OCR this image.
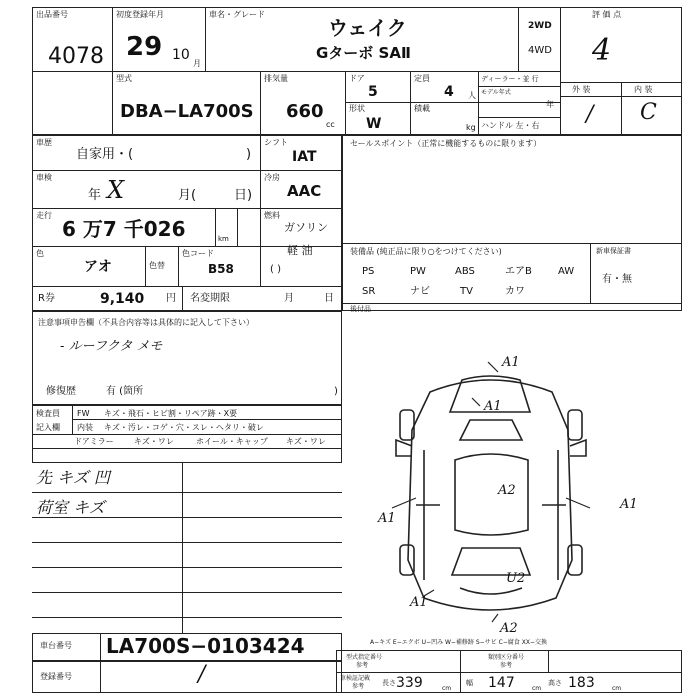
出品番号
4078
初度登録年月
29 10
月
車名・グレード
ウェイク
Gターボ SAⅡ
2WD
4WD
評 価 点
4
型式
DBA−LA700S
排気量
660
cc
ドア
5
定員
4 人
形状
W
積載
kg
ディーラー・並 行
モデル年式
年
ハンドル 左・右
外 装	内 装
/ C
車歴
自家用・(	)
シフト
IAT
車検
年 X	月(	日)
冷房
AAC
走行
6 万7 千026	km
燃料
ガソリン
軽 油
( )
色
アオ	色替
色コード
B58
R券	9,140 円 名変期限	月	日
セールスポイント（正常に機能するものに限ります）
装備品 (純正品に限り○をつけてください)	新車保証書
有・無
PS	PW	ABS	エアB	AW
SR	ナビ	TV	カワ
後付品
注意事項申告欄（不具合内容等は具体的に記入して下さい）
- ルーフクタ メモ
修復歴	有 (箇所	)
検査員
記入欄
FW キズ・飛石・ヒビ割・リペア跡・X要
内装 キズ・汚レ・コゲ・穴・スレ・ヘタリ・破レ
ドアミラー	キズ・ワレ	ホイール・キャップ キズ・ワレ
先 キズ 凹
荷室 キズ
A1
A1
A2
A1
A1
U2
A2
A1
A−キズ E−エクボ U−凹み W−補修跡 S−サビ C−腐食 XX−交換
車台番号 LA700S−0103424
登録番号	/
型式指定番号
参考
類別区分番号
参考
車検証記載
参考	長さ 339	cm
幅 147	cm
高さ 183	cm
